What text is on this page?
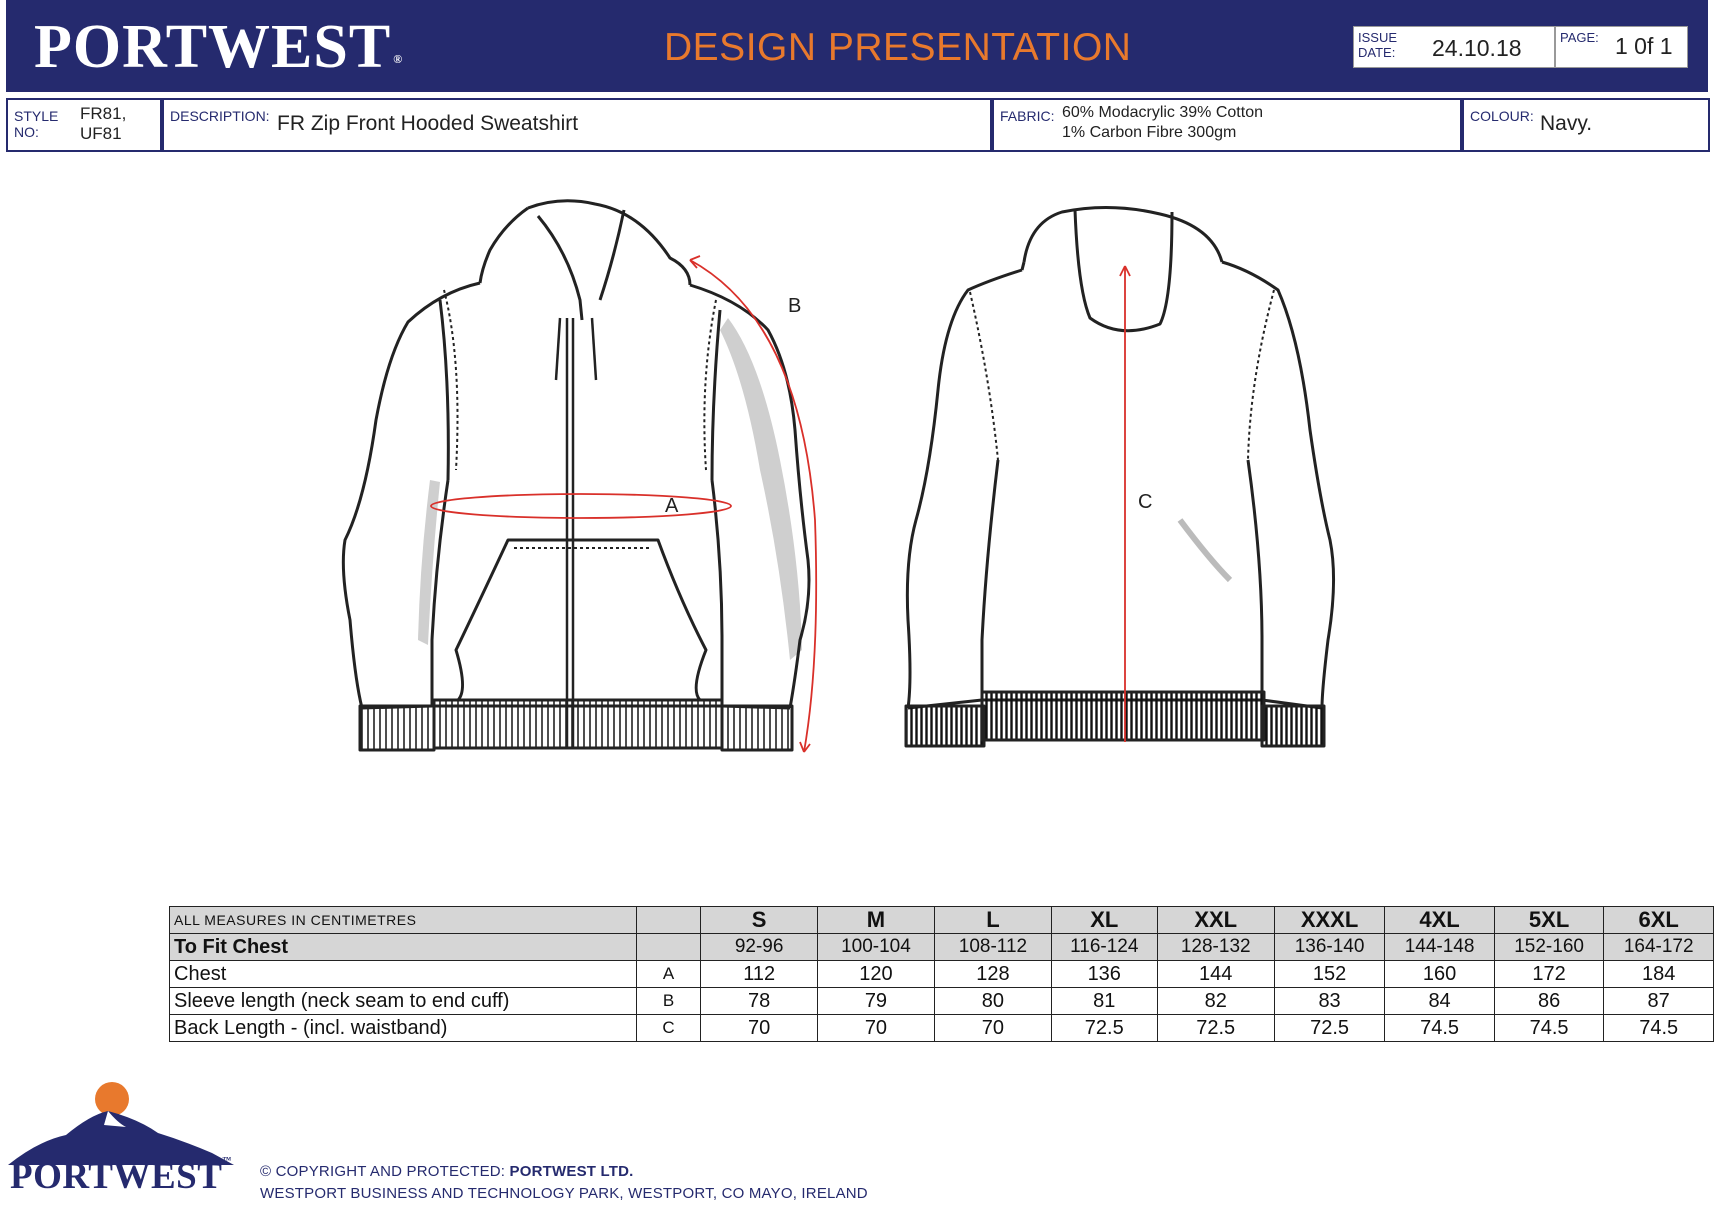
PORTWEST ®	DESIGN PRESENTATION	ISSUE
DATE: 24.10.18	PAGE: 1 0f 1
STYLE
NO:
FR81,
UF81
DESCRIPTION: FR Zip Front Hooded Sweatshirt	FABRIC: 60% Modacrylic 39% Cotton
1% Carbon Fibre 300gm
COLOUR: Navy.
A
B
C
ALL MEASURES IN CENTIMETRES		S	M	L	XL	XXL	XXXL	4XL	5XL	6XL
To Fit Chest		92-96	100-104	108-112	116-124	128-132	136-140	144-148	152-160	164-172
Chest	A	112	120	128	136	144	152	160	172	184
Sleeve length (neck seam to end cuff)	B	78	79	80	81	82	83	84	86	87
Back Length - (incl. waistband)	C	70	70	70	72.5	72.5	72.5	74.5	74.5	74.5
PORTWEST™
© COPYRIGHT AND PROTECTED: PORTWEST LTD.
WESTPORT BUSINESS AND TECHNOLOGY PARK, WESTPORT, CO MAYO, IRELAND
